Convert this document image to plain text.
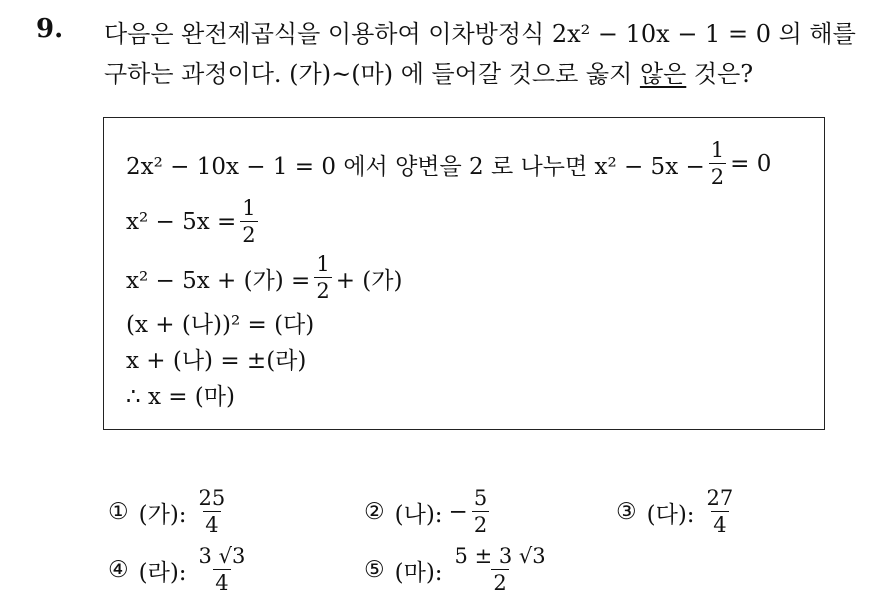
9. 다음은 완전제곱식을 이용하여 이차방정식 2x² − 10x − 1 = 0 의 해를
구하는 과정이다. (가)~(마) 에 들어갈 것으로 옳지 않은 것은?
2x² − 10x − 1 = 0 에서 양변을 2 로 나누면 $x^2 - 5x - \frac{1}{2} = 0$
$x^2 - 5x = \frac{1}{2}$
x² − 5x + (가) = $\frac{1}{2}$ + (가)
(x + (나))² = (다)
x + (나) = ±(라)
∴ x = (마)
① (가): $\frac{25}{4}$	② (나): − $\frac{5}{2}$	③ (다): $\frac{27}{4}$
④ (라): $\frac{3 √3}{4}$	⑤ (마): $\frac{5 \pm 3 √3}{2}$
